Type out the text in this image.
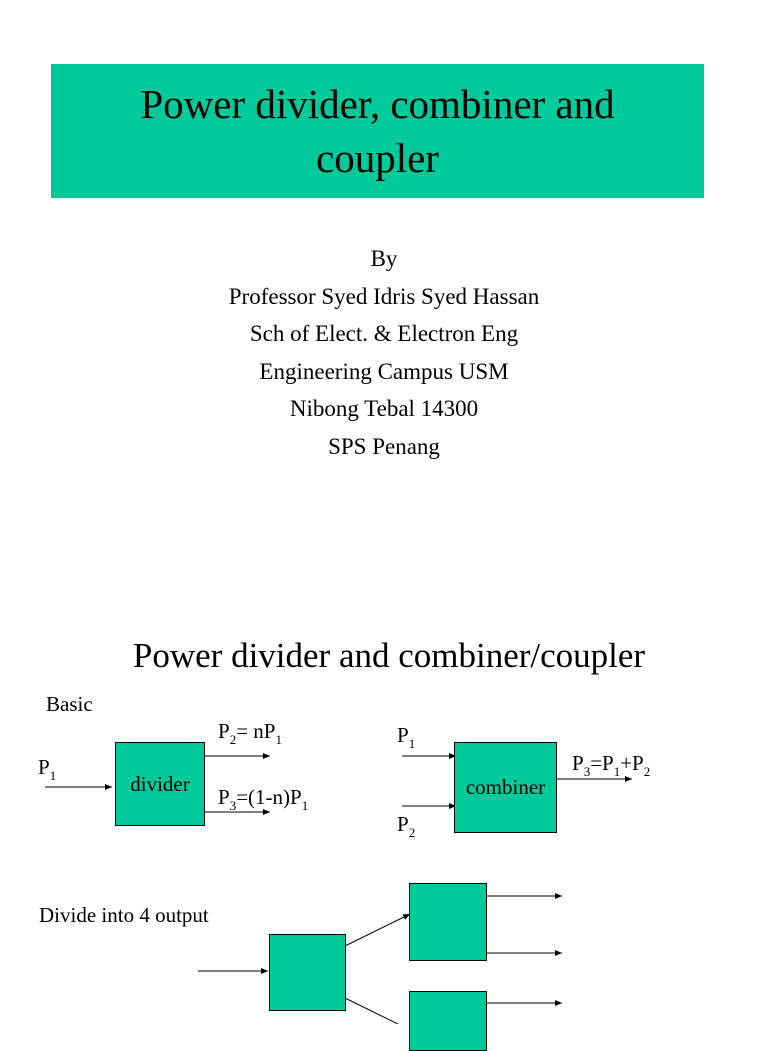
Power divider, combiner and coupler
By
Professor Syed Idris Syed Hassan
Sch of Elect. & Electron Eng
Engineering Campus USM
Nibong Tebal 14300
SPS Penang
Power divider and combiner/coupler
Basic
divider
$P_1$
$P_2= nP_1$
$P_3=(1-n)P_1$
combiner
$P_1$
$P_2$
$P_3=P_1+P_2$
Divide into 4 output
